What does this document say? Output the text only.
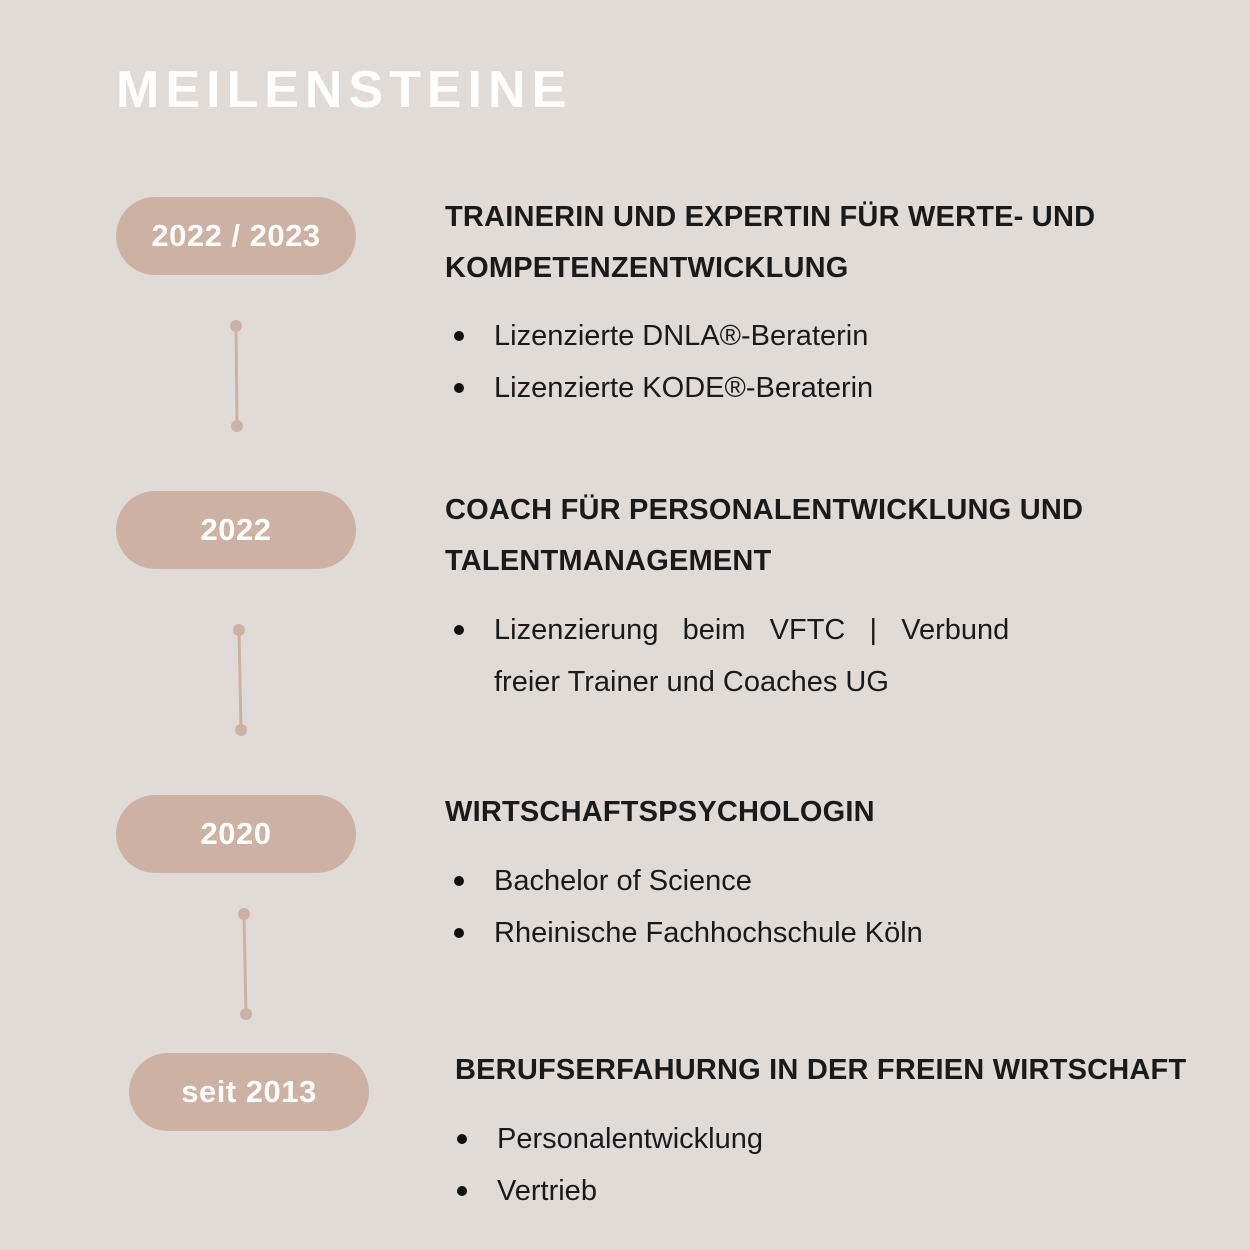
MEILENSTEINE
2022 / 2023
TRAINERIN UND EXPERTIN FÜR WERTE- UND
KOMPETENZENTWICKLUNG
Lizenzierte DNLA®-Beraterin
Lizenzierte KODE®-Beraterin
2022
COACH FÜR PERSONALENTWICKLUNG UND
TALENTMANAGEMENT
Lizenzierung   beim   VFTC   |   Verbund
freier Trainer und Coaches UG
2020
WIRTSCHAFTSPSYCHOLOGIN
Bachelor of Science
Rheinische Fachhochschule Köln
seit 2013
BERUFSERFAHURNG IN DER FREIEN WIRTSCHAFT
Personalentwicklung
Vertrieb
